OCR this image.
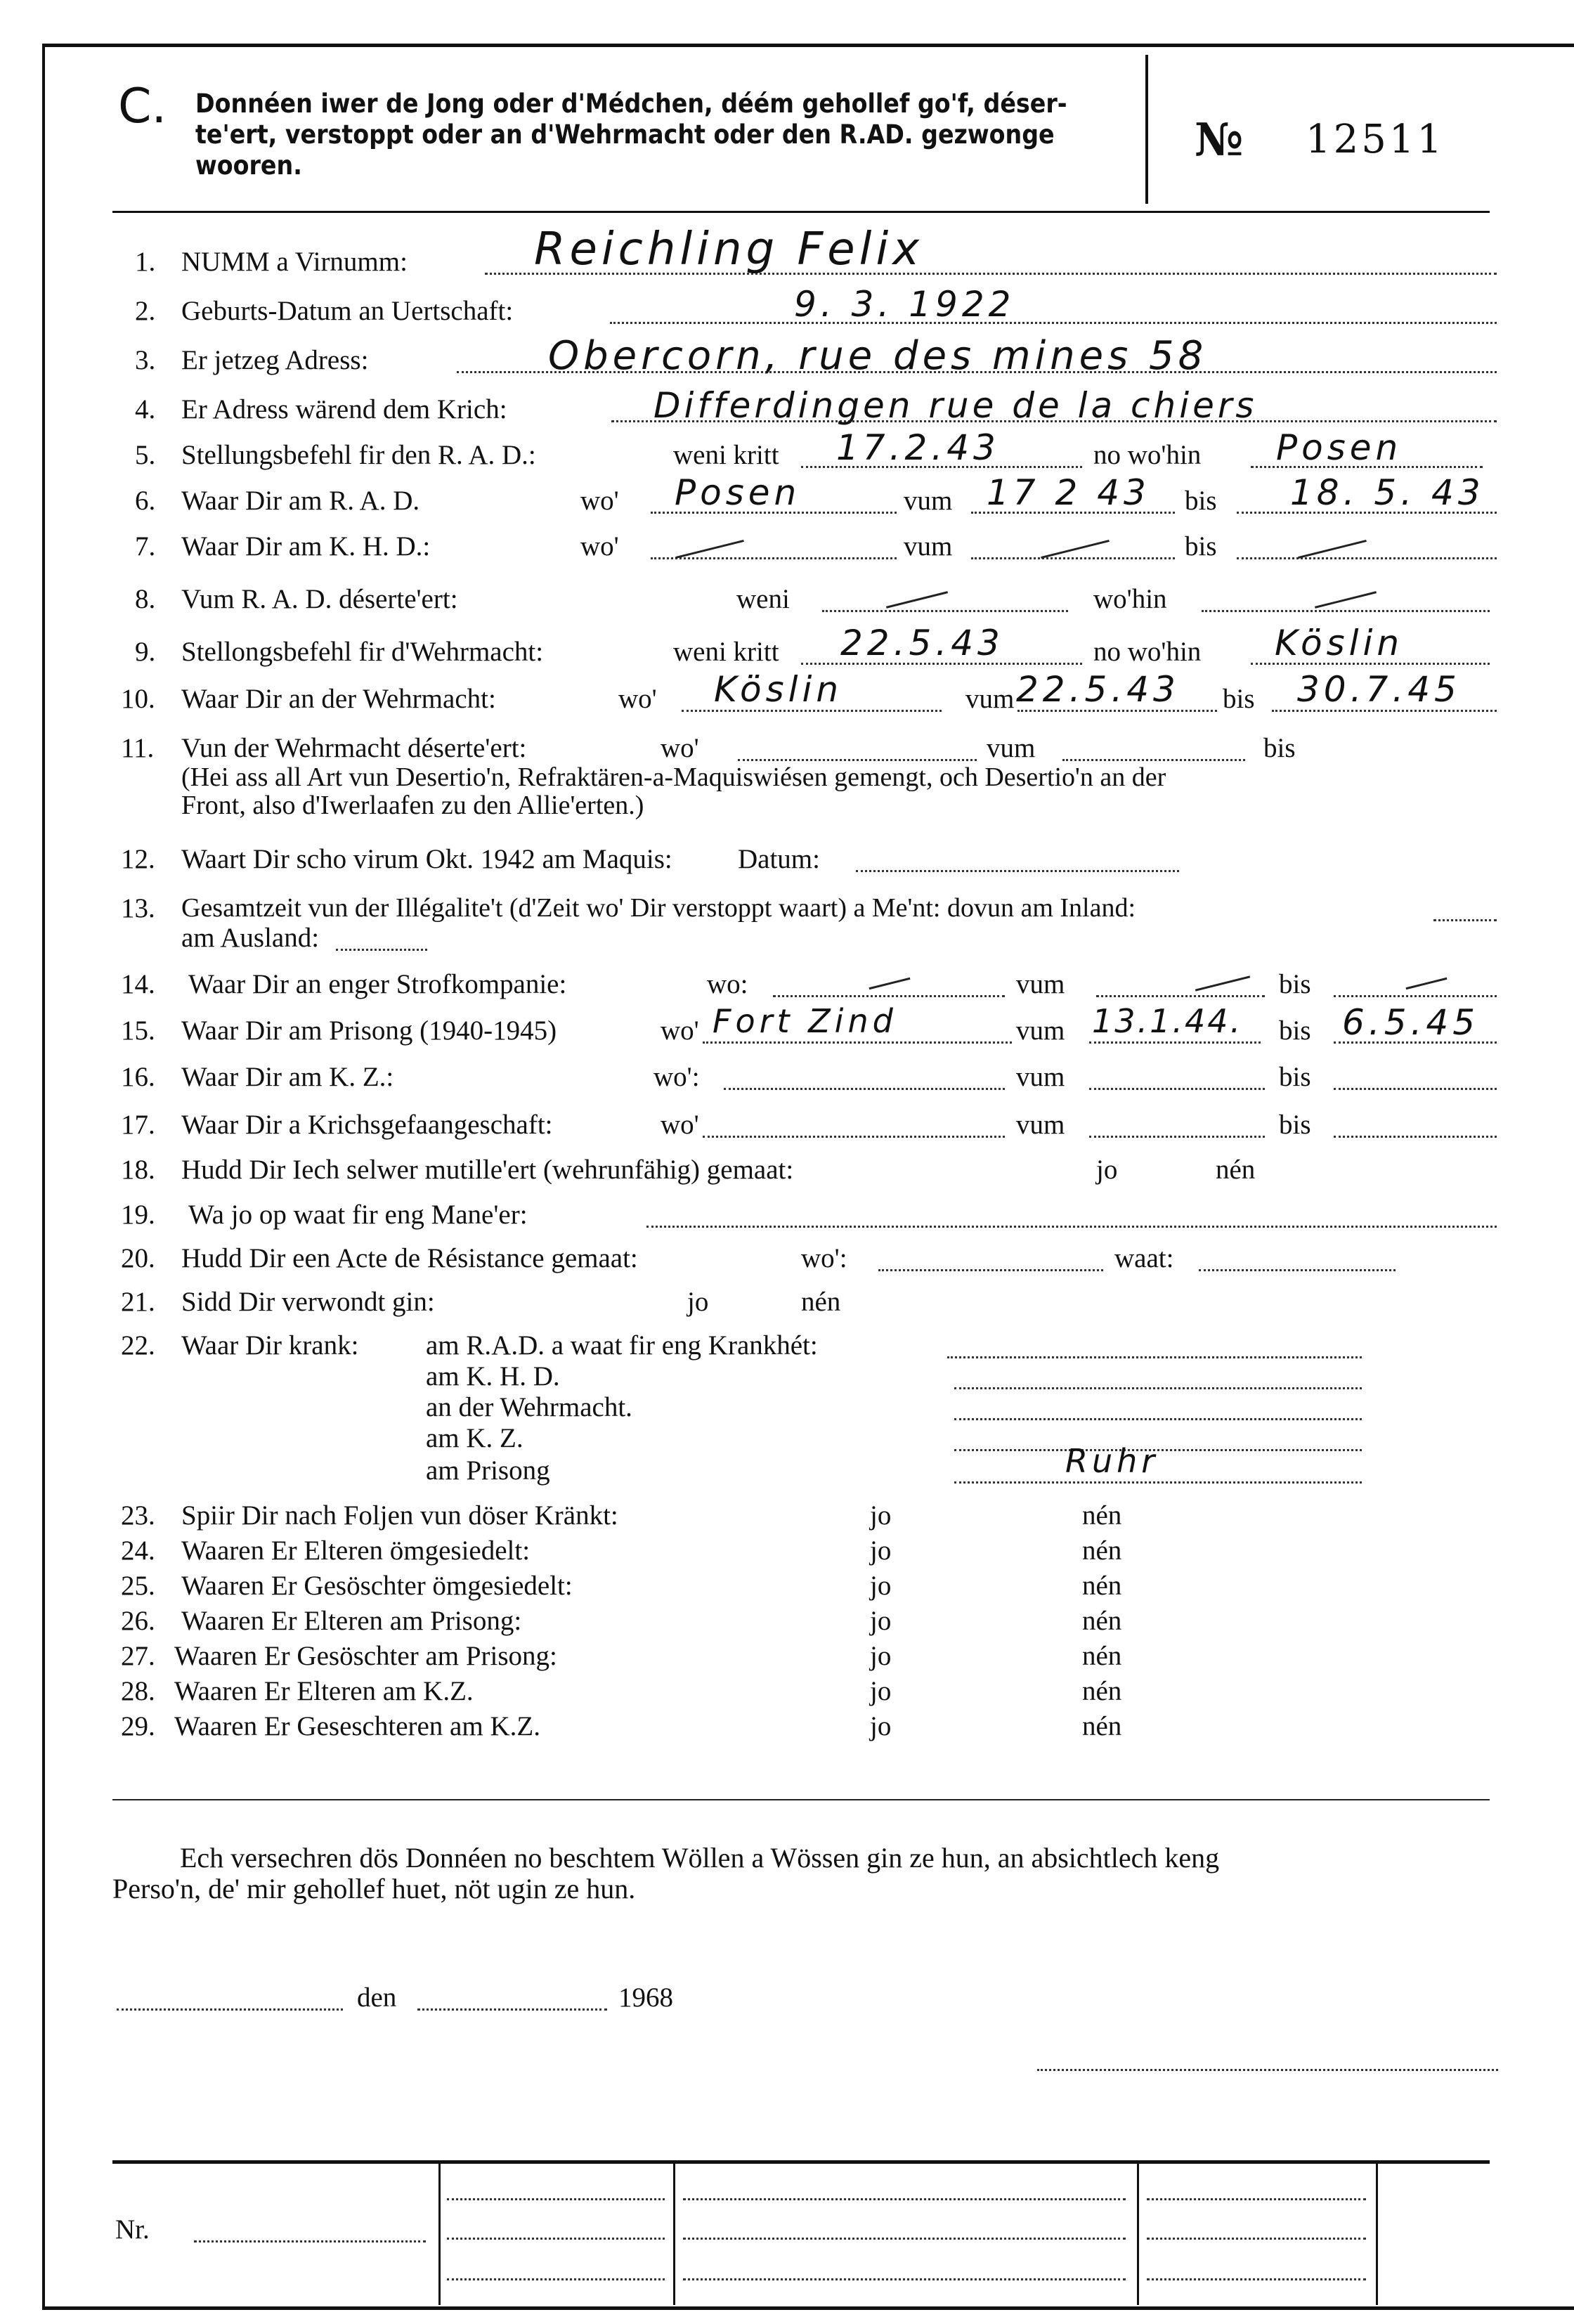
C. Donnéen iwer de Jong oder d'Médchen, déém gehollef go'f, déser-
te'ert, verstoppt oder an d'Wehrmacht oder den R.AD. gezwonge
wooren.	№ 12511
1. NUMM a Virnumm:	Reichling Felix
2. Geburts-Datum an Uertschaft:	9. 3. 1922
3. Er jetzeg Adress:	Obercorn, rue des mines 58
4. Er Adress wärend dem Krich:	Differdingen rue de la chiers
5. Stellungsbefehl fir den R. A. D.:	weni kritt 17.2.43	no wo'hin Posen
6. Waar Dir am R. A. D.	wo' Posen	vum 17 2 43 bis 18. 5. 43
7. Waar Dir am K. H. D.:	wo'	vum	bis
8. Vum R. A. D. déserte'ert:	weni	wo'hin
9. Stellongsbefehl fir d'Wehrmacht:	weni kritt 22.5.43	no wo'hin Köslin
10. Waar Dir an der Wehrmacht:	wo' Köslin	vum 22.5.43 bis 30.7.45
11. Vun der Wehrmacht déserte'ert:	wo'	vum	bis
(Hei ass all Art vun Desertio'n, Refraktären-a-Maquiswiésen gemengt, och Desertio'n an der
Front, also d'Iwerlaafen zu den Allie'erten.)
12. Waart Dir scho virum Okt. 1942 am Maquis: Datum:
13. Gesamtzeit vun der Illégalite't (d'Zeit wo' Dir verstoppt waart) a Me'nt: dovun am Inland:
am Ausland:
14. Waar Dir an enger Strofkompanie:	wo:	vum	bis
15. Waar Dir am Prisong (1940-1945)	wo' Fort Zind	vum 13.1.44. bis 6.5.45
16. Waar Dir am K. Z.:	wo':	vum	bis
17. Waar Dir a Krichsgefaangeschaft:	wo'	vum	bis
18. Hudd Dir Iech selwer mutille'ert (wehrunfähig) gemaat:	jo	nén
19. Wa jo op waat fir eng Mane'er:
20. Hudd Dir een Acte de Résistance gemaat:	wo':	waat:
21. Sidd Dir verwondt gin:	jo	nén
22. Waar Dir krank: am R.A.D. a waat fir eng Krankhét:
am K. H. D.
an der Wehrmacht.
am K. Z.
am Prisong	Ruhr
23. Spiir Dir nach Foljen vun döser Kränkt:	jo	nén
24. Waaren Er Elteren ömgesiedelt:	jo	nén
25. Waaren Er Gesöschter ömgesiedelt:	jo	nén
26. Waaren Er Elteren am Prisong:	jo	nén
27. Waaren Er Gesöschter am Prisong:	jo	nén
28. Waaren Er Elteren am K.Z.	jo	nén
29. Waaren Er Geseschteren am K.Z.	jo	nén
Ech versechren dös Donnéen no beschtem Wöllen a Wössen gin ze hun, an absichtlech keng
Perso'n, de' mir gehollef huet, nöt ugin ze hun.
den	1968
Nr.
